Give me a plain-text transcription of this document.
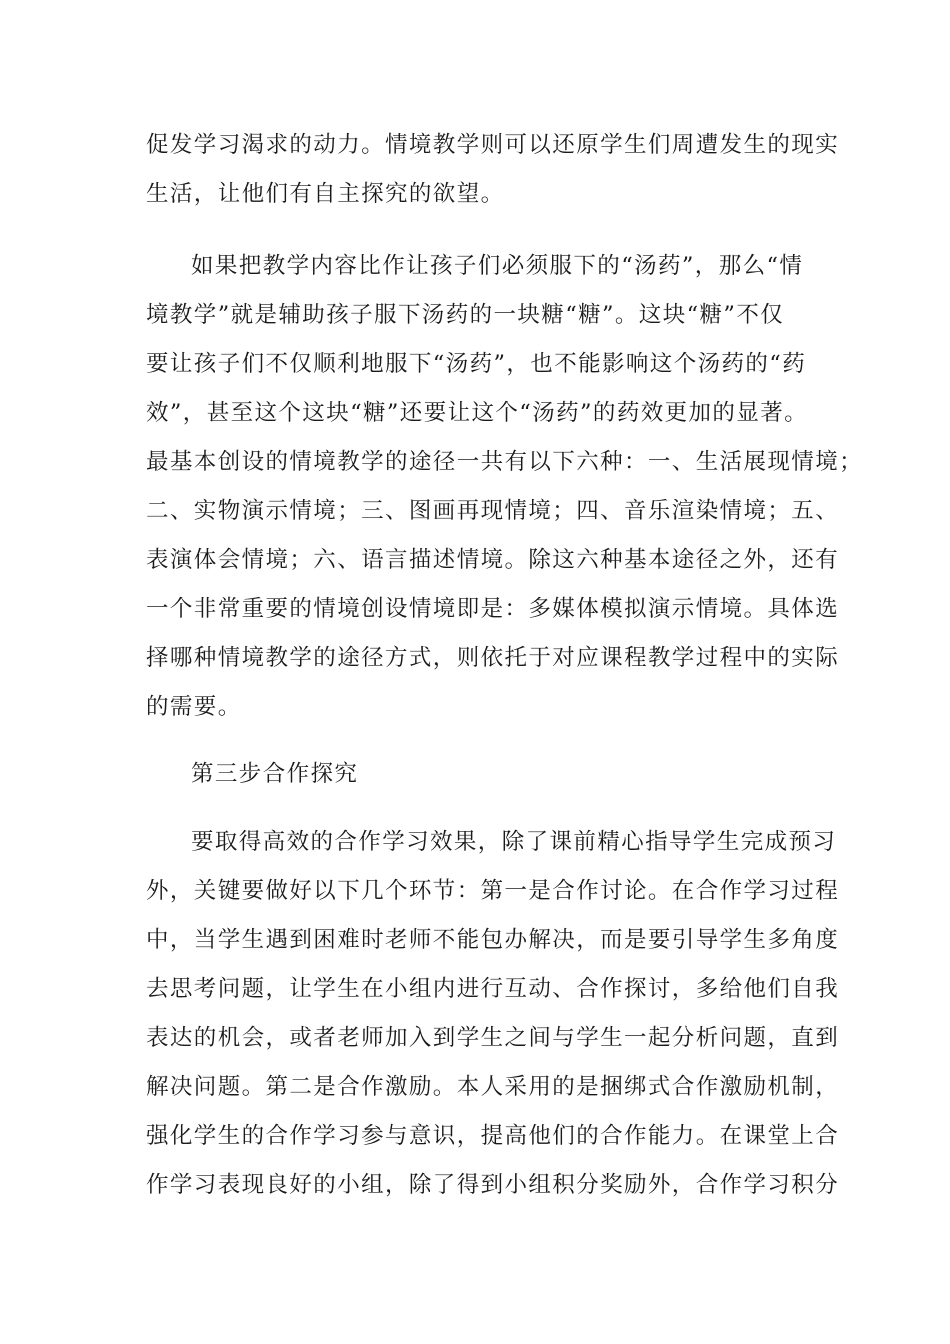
促发学习渴求的动力。情境教学则可以还原学生们周遭发生的现实
生活，让他们有自主探究的欲望。
如果把教学内容比作让孩子们必须服下的“汤药”，那么“情
境教学”就是辅助孩子服下汤药的一块糖“糖”。这块“糖”不仅
要让孩子们不仅顺利地服下“汤药”，也不能影响这个汤药的“药
效”，甚至这个这块“糖”还要让这个“汤药”的药效更加的显著。
最基本创设的情境教学的途径一共有以下六种：一、生活展现情境；
二、实物演示情境；三、图画再现情境；四、音乐渲染情境；五、
表演体会情境；六、语言描述情境。除这六种基本途径之外，还有
一个非常重要的情境创设情境即是：多媒体模拟演示情境。具体选
择哪种情境教学的途径方式，则依托于对应课程教学过程中的实际
的需要。
第三步合作探究
要取得高效的合作学习效果，除了课前精心指导学生完成预习
外，关键要做好以下几个环节：第一是合作讨论。在合作学习过程
中，当学生遇到困难时老师不能包办解决，而是要引导学生多角度
去思考问题，让学生在小组内进行互动、合作探讨，多给他们自我
表达的机会，或者老师加入到学生之间与学生一起分析问题，直到
解决问题。第二是合作激励。本人采用的是捆绑式合作激励机制，
强化学生的合作学习参与意识，提高他们的合作能力。在课堂上合
作学习表现良好的小组，除了得到小组积分奖励外，合作学习积分
